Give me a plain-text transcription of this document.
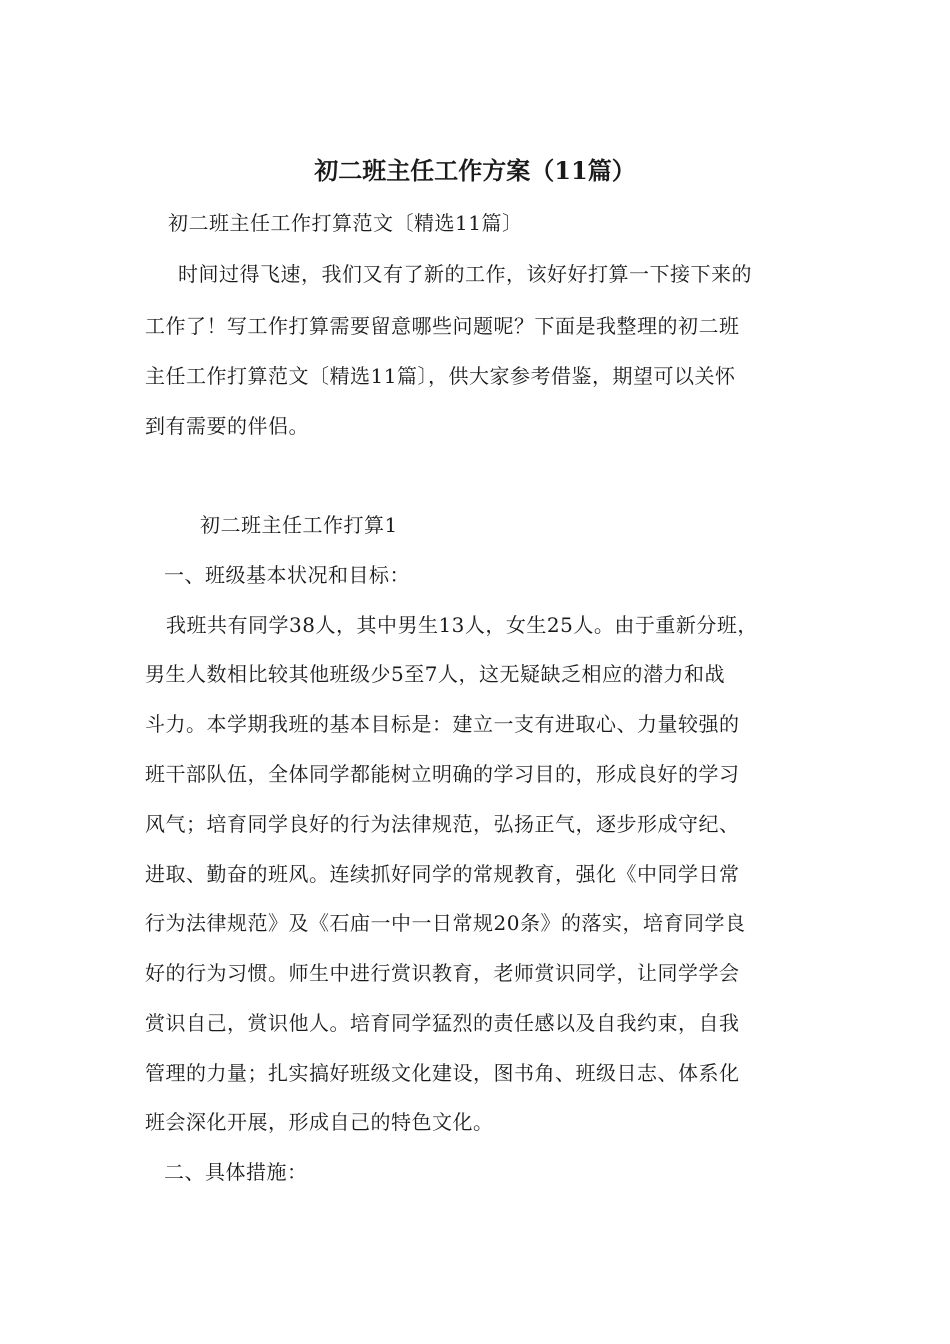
初二班主任工作方案（11篇）
初二班主任工作打算范文〔精选11篇〕
时间过得飞速，我们又有了新的工作，该好好打算一下接下来的
工作了！写工作打算需要留意哪些问题呢？下面是我整理的初二班
主任工作打算范文〔精选11篇〕，供大家参考借鉴，期望可以关怀
到有需要的伴侣。
初二班主任工作打算1
一、班级基本状况和目标：
我班共有同学38人，其中男生13人，女生25人。由于重新分班，
男生人数相比较其他班级少5至7人，这无疑缺乏相应的潜力和战
斗力。本学期我班的基本目标是：建立一支有进取心、力量较强的
班干部队伍，全体同学都能树立明确的学习目的，形成良好的学习
风气；培育同学良好的行为法律规范，弘扬正气，逐步形成守纪、
进取、勤奋的班风。连续抓好同学的常规教育，强化《中同学日常
行为法律规范》及《石庙一中一日常规20条》的落实，培育同学良
好的行为习惯。师生中进行赏识教育，老师赏识同学，让同学学会
赏识自己，赏识他人。培育同学猛烈的责任感以及自我约束，自我
管理的力量；扎实搞好班级文化建设，图书角、班级日志、体系化
班会深化开展，形成自己的特色文化。
二、具体措施：
